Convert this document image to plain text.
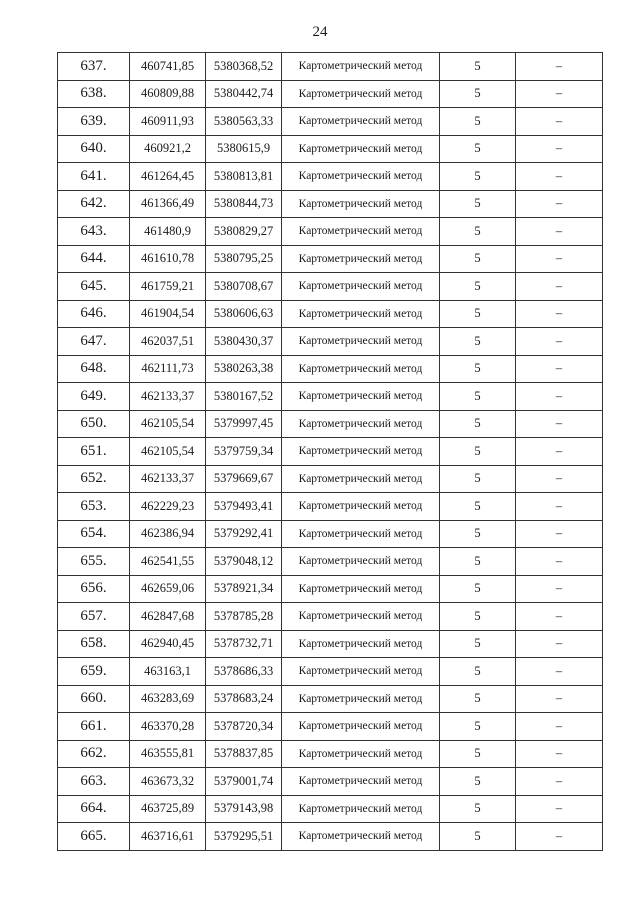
24
637.	460741,85	5380368,52	Картометрический метод	5	–
638.	460809,88	5380442,74	Картометрический метод	5	–
639.	460911,93	5380563,33	Картометрический метод	5	–
640.	460921,2	5380615,9	Картометрический метод	5	–
641.	461264,45	5380813,81	Картометрический метод	5	–
642.	461366,49	5380844,73	Картометрический метод	5	–
643.	461480,9	5380829,27	Картометрический метод	5	–
644.	461610,78	5380795,25	Картометрический метод	5	–
645.	461759,21	5380708,67	Картометрический метод	5	–
646.	461904,54	5380606,63	Картометрический метод	5	–
647.	462037,51	5380430,37	Картометрический метод	5	–
648.	462111,73	5380263,38	Картометрический метод	5	–
649.	462133,37	5380167,52	Картометрический метод	5	–
650.	462105,54	5379997,45	Картометрический метод	5	–
651.	462105,54	5379759,34	Картометрический метод	5	–
652.	462133,37	5379669,67	Картометрический метод	5	–
653.	462229,23	5379493,41	Картометрический метод	5	–
654.	462386,94	5379292,41	Картометрический метод	5	–
655.	462541,55	5379048,12	Картометрический метод	5	–
656.	462659,06	5378921,34	Картометрический метод	5	–
657.	462847,68	5378785,28	Картометрический метод	5	–
658.	462940,45	5378732,71	Картометрический метод	5	–
659.	463163,1	5378686,33	Картометрический метод	5	–
660.	463283,69	5378683,24	Картометрический метод	5	–
661.	463370,28	5378720,34	Картометрический метод	5	–
662.	463555,81	5378837,85	Картометрический метод	5	–
663.	463673,32	5379001,74	Картометрический метод	5	–
664.	463725,89	5379143,98	Картометрический метод	5	–
665.	463716,61	5379295,51	Картометрический метод	5	–
